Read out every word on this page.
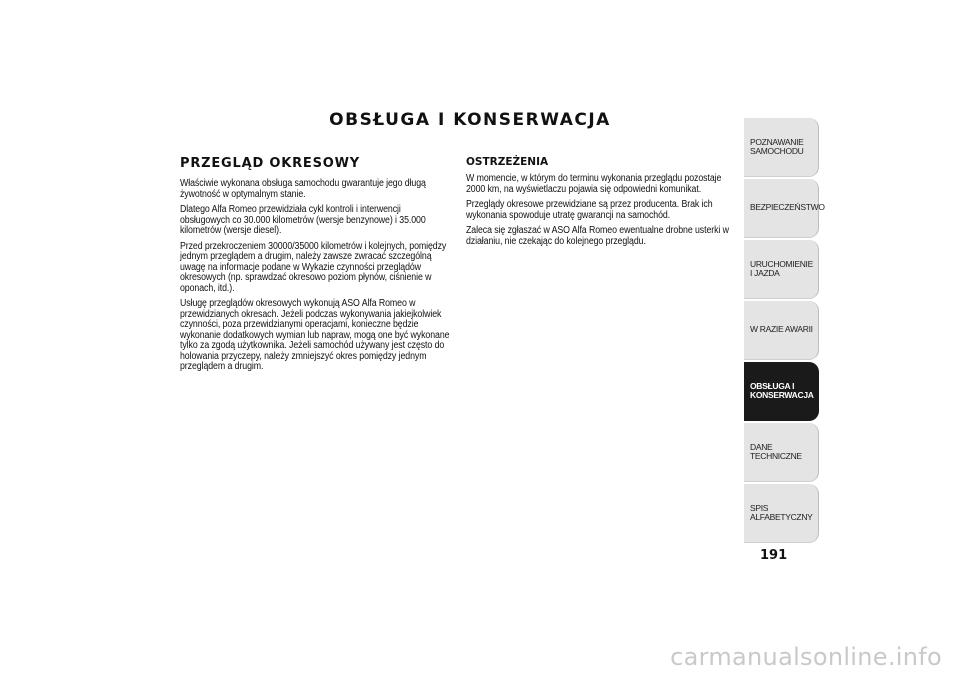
OBSŁUGA I KONSERWACJA
PRZEGLĄD OKRESOWY

Właściwie wykonana obsługa samochodu gwarantuje jego długą żywotność w optymalnym stanie.

Dlatego Alfa Romeo przewidziała cykl kontroli i interwencji obsługowych co 30.000 kilometrów (wersje benzynowe) i 35.000 kilometrów (wersje diesel).

Przed przekroczeniem 30000/35000 kilometrów i kolejnych, pomiędzy jednym przeglądem a drugim, należy zawsze zwracać szczególną uwagę na informacje podane w Wykazie czynności przeglądów okresowych (np. sprawdzać okresowo poziom płynów, ciśnienie w oponach, itd.).

Usługę przeglądów okresowych wykonują ASO Alfa Romeo w przewidzianych okresach. Jeżeli podczas wykonywania jakiejkolwiek czynności, poza przewidzianymi operacjami, konieczne będzie wykonanie dodatkowych wymian lub napraw, mogą one być wykonane tylko za zgodą użytkownika. Jeżeli samochód używany jest często do holowania przyczepy, należy zmniejszyć okres pomiędzy jednym przeglądem a drugim.

OSTRZEŻENIA

W momencie, w którym do terminu wykonania przeglądu pozostaje 2000 km, na wyświetlaczu pojawia się odpowiedni komunikat.

Przeglądy okresowe przewidziane są przez producenta. Brak ich wykonania spowoduje utratę gwarancji na samochód.

Zaleca się zgłaszać w ASO Alfa Romeo ewentualne drobne usterki w działaniu, nie czekając do kolejnego przeglądu.

POZNAWANIE SAMOCHODU
BEZPIECZEŃSTWO
URUCHOMIENIE I JAZDA
W RAZIE AWARII
OBSŁUGA I KONSERWACJA
DANE TECHNICZNE
SPIS ALFABETYCZNY
191
carmanualsonline.info
